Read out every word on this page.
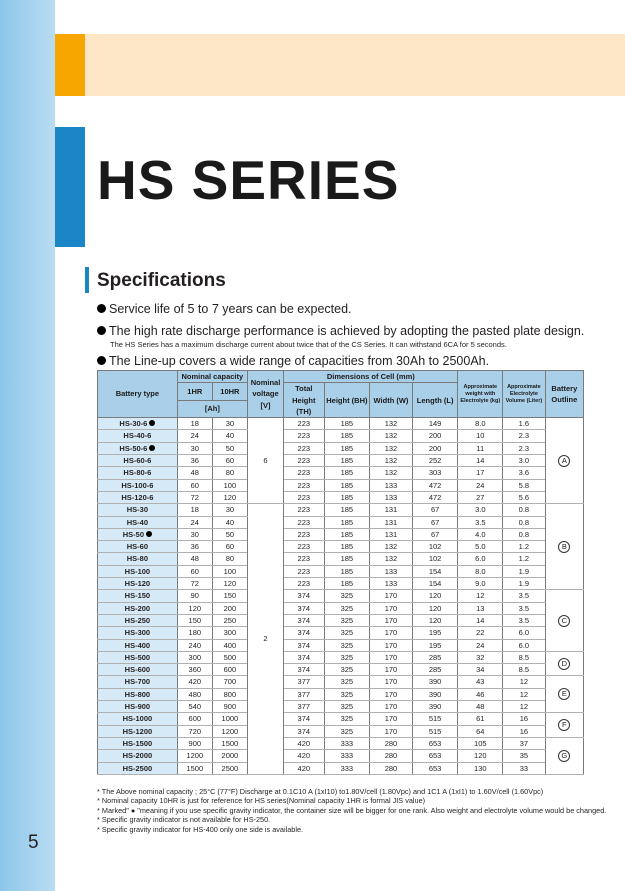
HS SERIES
Specifications
Service life of 5 to 7 years can be expected.
The high rate discharge performance is achieved by adopting the pasted plate design.
The HS Series has a maximum discharge current about twice that of the CS Series. It can withstand 6CA for 5 seconds.
The Line-up covers a wide range of capacities from 30Ah to 2500Ah.
Battery type	Nominal capacity		Nominal voltage [V]	Dimensions of Cell (mm)				Approximate weight with Electrolyte (kg)	Approximate Electrolyte Volume (Liter)	Battery Outline
	1HR	10HR		Total Height (TH)	Height (BH)	Width (W)	Length (L)			
	[Ah]									
HS-30-6	18	30	6	223	185	132	149	8.0	1.6	A
HS-40-6	24	40		223	185	132	200	10	2.3	
HS-50-6	30	50		223	185	132	200	11	2.3	
HS-60-6	36	60		223	185	132	252	14	3.0	
HS-80-6	48	80		223	185	132	303	17	3.6	
HS-100-6	60	100		223	185	133	472	24	5.8	
HS-120-6	72	120		223	185	133	472	27	5.6	
HS-30	18	30	2	223	185	131	67	3.0	0.8	B
HS-40	24	40		223	185	131	67	3.5	0.8	
HS-50	30	50		223	185	131	67	4.0	0.8	
HS-60	36	60		223	185	132	102	5.0	1.2	
HS-80	48	80		223	185	132	102	6.0	1.2	
HS-100	60	100		223	185	133	154	8.0	1.9	
HS-120	72	120		223	185	133	154	9.0	1.9	
HS-150	90	150		374	325	170	120	12	3.5	C
HS-200	120	200		374	325	170	120	13	3.5	
HS-250	150	250		374	325	170	120	14	3.5	
HS-300	180	300		374	325	170	195	22	6.0	
HS-400	240	400		374	325	170	195	24	6.0	
HS-500	300	500		374	325	170	285	32	8.5	D
HS-600	360	600		374	325	170	285	34	8.5	
HS-700	420	700		377	325	170	390	43	12	E
HS-800	480	800		377	325	170	390	46	12	
HS-900	540	900		377	325	170	390	48	12	
HS-1000	600	1000		374	325	170	515	61	16	F
HS-1200	720	1200		374	325	170	515	64	16	
HS-1500	900	1500		420	333	280	653	105	37	G
HS-2000	1200	2000		420	333	280	653	120	35	
HS-2500	1500	2500		420	333	280	653	130	33	
* The Above nominal capacity ; 25°C (77°F) Discharge at 0.1C10 A (1xI10) to1.80V/cell (1.80Vpc) and 1C1 A (1xI1) to 1.60V/cell (1.60Vpc)
* Nominal capacity 10HR is just for reference for HS series(Nominal capacity 1HR is formal JIS value)
* Marked" ● "meaning if you use specific gravity indicator, the container size will be bigger for one rank. Also weight and electrolyte volume would be changed.
* Specific gravity indicator is not available for HS-250.
* Specific gravity indicator for HS-400 only one side is available.
5
